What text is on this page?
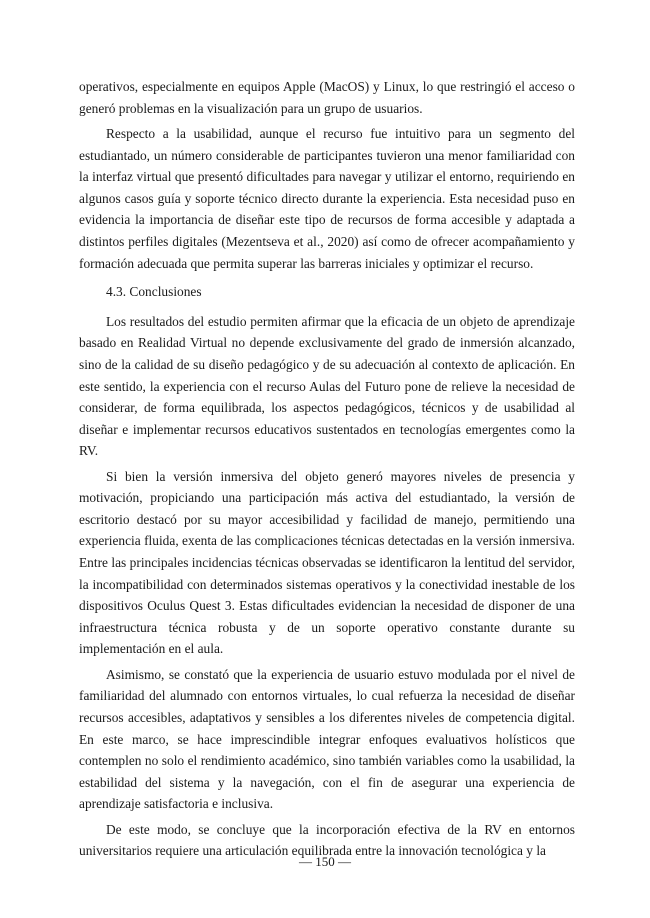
operativos, especialmente en equipos Apple (MacOS) y Linux, lo que restringió el acceso o generó problemas en la visualización para un grupo de usuarios.

Respecto a la usabilidad, aunque el recurso fue intuitivo para un segmento del estudiantado, un número considerable de participantes tuvieron una menor familiaridad con la interfaz virtual que presentó dificultades para navegar y utilizar el entorno, requiriendo en algunos casos guía y soporte técnico directo durante la experiencia. Esta necesidad puso en evidencia la importancia de diseñar este tipo de recursos de forma accesible y adaptada a distintos perfiles digitales (Mezentseva et al., 2020) así como de ofrecer acompañamiento y formación adecuada que permita superar las barreras iniciales y optimizar el recurso.

4.3. Conclusiones

Los resultados del estudio permiten afirmar que la eficacia de un objeto de aprendizaje basado en Realidad Virtual no depende exclusivamente del grado de inmersión alcanzado, sino de la calidad de su diseño pedagógico y de su adecuación al contexto de aplicación. En este sentido, la experiencia con el recurso Aulas del Futuro pone de relieve la necesidad de considerar, de forma equilibrada, los aspectos pedagógicos, técnicos y de usabilidad al diseñar e implementar recursos educativos sustentados en tecnologías emergentes como la RV.

Si bien la versión inmersiva del objeto generó mayores niveles de presencia y motivación, propiciando una participación más activa del estudiantado, la versión de escritorio destacó por su mayor accesibilidad y facilidad de manejo, permitiendo una experiencia fluida, exenta de las complicaciones técnicas detectadas en la versión inmersiva. Entre las principales incidencias técnicas observadas se identificaron la lentitud del servidor, la incompatibilidad con determinados sistemas operativos y la conectividad inestable de los dispositivos Oculus Quest 3. Estas dificultades evidencian la necesidad de disponer de una infraestructura técnica robusta y de un soporte operativo constante durante su implementación en el aula.

Asimismo, se constató que la experiencia de usuario estuvo modulada por el nivel de familiaridad del alumnado con entornos virtuales, lo cual refuerza la necesidad de diseñar recursos accesibles, adaptativos y sensibles a los diferentes niveles de competencia digital. En este marco, se hace imprescindible integrar enfoques evaluativos holísticos que contemplen no solo el rendimiento académico, sino también variables como la usabilidad, la estabilidad del sistema y la navegación, con el fin de asegurar una experiencia de aprendizaje satisfactoria e inclusiva.

De este modo, se concluye que la incorporación efectiva de la RV en entornos universitarios requiere una articulación equilibrada entre la innovación tecnológica y la

— 150 —
